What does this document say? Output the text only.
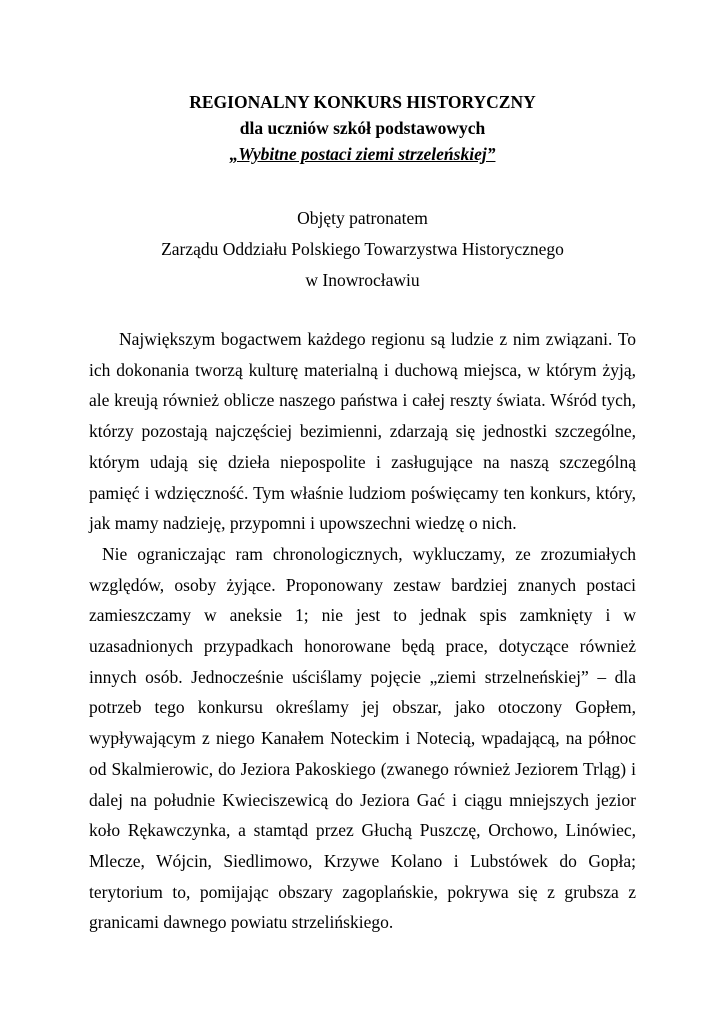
REGIONALNY KONKURS HISTORYCZNY
dla uczniów szkół podstawowych
„Wybitne postaci ziemi strzeleńskiej”
Objęty patronatem
Zarządu Oddziału Polskiego Towarzystwa Historycznego
w Inowrocławiu

Największym bogactwem każdego regionu są ludzie z nim związani. To ich dokonania tworzą kulturę materialną i duchową miejsca, w którym żyją, ale kreują również oblicze naszego państwa i całej reszty świata. Wśród tych, którzy pozostają najczęściej bezimienni, zdarzają się jednostki szczególne, którym udają się dzieła niepospolite i zasługujące na naszą szczególną pamięć i wdzięczność. Tym właśnie ludziom poświęcamy ten konkurs, który, jak mamy nadzieję, przypomni i upowszechni wiedzę o nich.

Nie ograniczając ram chronologicznych, wykluczamy, ze zrozumiałych względów, osoby żyjące. Proponowany zestaw bardziej znanych postaci zamieszczamy w aneksie 1; nie jest to jednak spis zamknięty i w uzasadnionych przypadkach honorowane będą prace, dotyczące również innych osób. Jednocześnie uściślamy pojęcie „ziemi strzelneńskiej” – dla potrzeb tego konkursu określamy jej obszar, jako otoczony Gopłem, wypływającym z niego Kanałem Noteckim i Notecią, wpadającą, na północ od Skalmierowic, do Jeziora Pakoskiego (zwanego również Jeziorem Trląg) i dalej na południe Kwieciszewicą do Jeziora Gać i ciągu mniejszych jezior koło Rękawczynka, a stamtąd przez Głuchą Puszczę, Orchowo, Linówiec, Mlecze, Wójcin, Siedlimowo, Krzywe Kolano i Lubstówek do Gopła; terytorium to, pomijając obszary zagoplańskie, pokrywa się z grubsza z granicami dawnego powiatu strzelińskiego.
